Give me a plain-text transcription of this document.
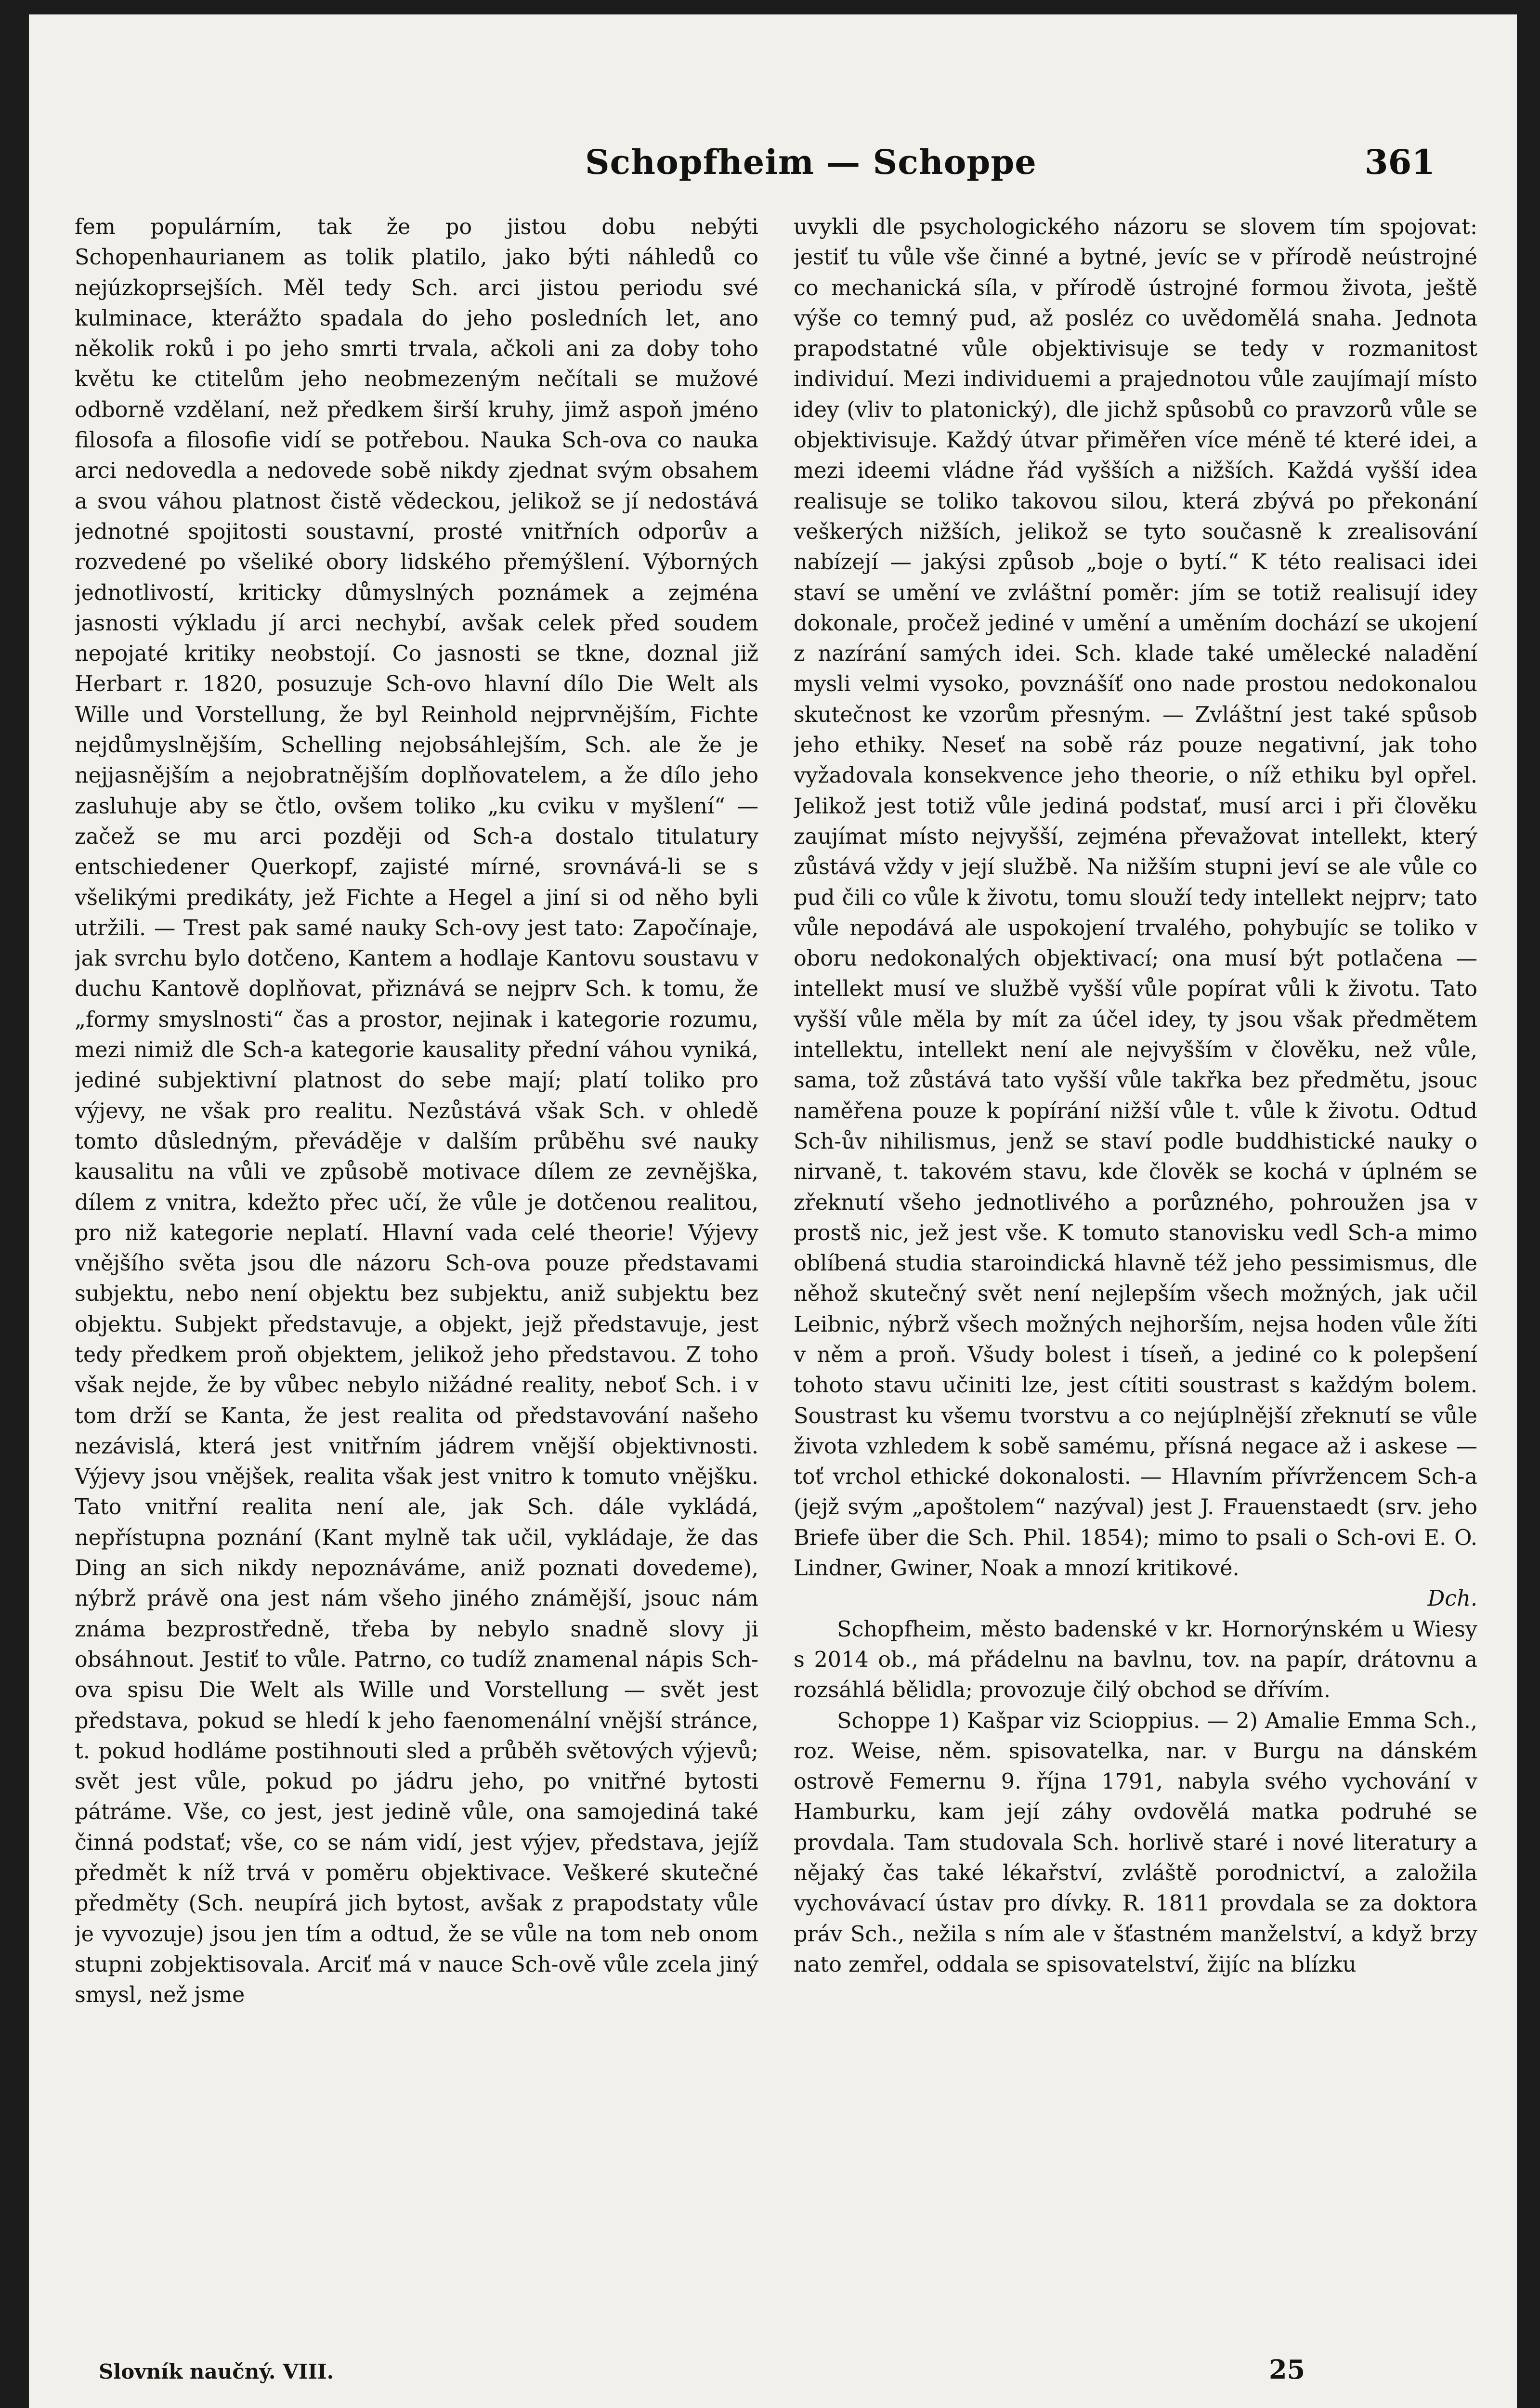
Schopfheim — Schoppe	361

fem populárním, tak že po jistou dobu nebýti Schopenhaurianem as tolik platilo, jako býti náhledů co nejúzkoprsejších. Měl tedy Sch. arci jistou periodu své kulminace, kterážto spadala do jeho posledních let, ano několik roků i po jeho smrti trvala, ačkoli ani za doby toho květu ke ctitelům jeho neobmezeným nečítali se mužové odborně vzdělaní, než předkem širší kruhy, jimž aspoň jméno filosofa a filosofie vidí se potřebou. Nauka Sch-ova co nauka arci nedovedla a nedovede sobě nikdy zjednat svým obsahem a svou váhou platnost čistě vědeckou, jelikož se jí nedostává jednotné spojitosti soustavní, prosté vnitřních odporův a rozvedené po všeliké obory lidského přemýšlení. Výborných jednotlivostí, kriticky důmyslných poznámek a zejména jasnosti výkladu jí arci nechybí, avšak celek před soudem nepojaté kritiky neobstojí. Co jasnosti se tkne, doznal již Herbart r. 1820, posuzuje Sch-ovo hlavní dílo Die Welt als Wille und Vorstellung, že byl Reinhold nejprvnějším, Fichte nejdůmyslnějším, Schelling nejobsáhlejším, Sch. ale že je nejjasnějším a nejobratnějším doplňovatelem, a že dílo jeho zasluhuje aby se čtlo, ovšem toliko „ku cviku v myšlení“ — začež se mu arci později od Sch-a dostalo titulatury entschiedener Querkopf, zajisté mírné, srovnává-li se s všelikými predikáty, jež Fichte a Hegel a jiní si od něho byli utržili. — Trest pak samé nauky Sch-ovy jest tato: Započínaje, jak svrchu bylo dotčeno, Kantem a hodlaje Kantovu soustavu v duchu Kantově doplňovat, přiznává se nejprv Sch. k tomu, že „formy smyslnosti“ čas a prostor, nejinak i kategorie rozumu, mezi nimiž dle Sch-a kategorie kausality přední váhou vyniká, jediné subjektivní platnost do sebe mají; platí toliko pro výjevy, ne však pro realitu. Nezůstává však Sch. v ohledě tomto důsledným, převáděje v dalším průběhu své nauky kausalitu na vůli ve způsobě motivace dílem ze zevnějška, dílem z vnitra, kdežto přec učí, že vůle je dotčenou realitou, pro niž kategorie neplatí. Hlavní vada celé theorie! Výjevy vnějšího světa jsou dle názoru Sch-ova pouze představami subjektu, nebo není objektu bez subjektu, aniž subjektu bez objektu. Subjekt představuje, a objekt, jejž představuje, jest tedy předkem proň objektem, jelikož jeho představou. Z toho však nejde, že by vůbec nebylo nižádné reality, neboť Sch. i v tom drží se Kanta, že jest realita od představování našeho nezávislá, která jest vnitřním jádrem vnější objektivnosti. Výjevy jsou vnějšek, realita však jest vnitro k tomuto vnějšku. Tato vnitřní realita není ale, jak Sch. dále vykládá, nepřístupna poznání (Kant mylně tak učil, vykládaje, že das Ding an sich nikdy nepoznáváme, aniž poznati dovedeme), nýbrž právě ona jest nám všeho jiného známější, jsouc nám známa bezprostředně, třeba by nebylo snadně slovy ji obsáhnout. Jestiť to vůle. Patrno, co tudíž znamenal nápis Sch-ova spisu Die Welt als Wille und Vorstellung — svět jest představa, pokud se hledí k jeho faenomenální vnější stránce, t. pokud hodláme postihnouti sled a průběh světových výjevů; svět jest vůle, pokud po jádru jeho, po vnitřné bytosti pátráme. Vše, co jest, jest jedině vůle, ona samojediná také činná podstať; vše, co se nám vidí, jest výjev, představa, jejíž předmět k níž trvá v poměru objektivace. Veškeré skutečné předměty (Sch. neupírá jich bytost, avšak z prapodstaty vůle je vyvozuje) jsou jen tím a odtud, že se vůle na tom neb onom stupni zobjektisovala. Arciť má v nauce Sch-ově vůle zcela jiný smysl, než jsme

uvykli dle psychologického názoru se slovem tím spojovat: jestiť tu vůle vše činné a bytné, jevíc se v přírodě neústrojné co mechanická síla, v přírodě ústrojné formou života, ještě výše co temný pud, až posléz co uvědomělá snaha. Jednota prapodstatné vůle objektivisuje se tedy v rozmanitost individuí. Mezi individuemi a prajednotou vůle zaujímají místo idey (vliv to platonický), dle jichž spůsobů co pravzorů vůle se objektivisuje. Každý útvar přiměřen více méně té které idei, a mezi ideemi vládne řád vyšších a nižších. Každá vyšší idea realisuje se toliko takovou silou, která zbývá po překonání veškerých nižších, jelikož se tyto současně k zrealisování nabízejí — jakýsi způsob „boje o bytí.“ K této realisaci idei staví se umění ve zvláštní poměr: jím se totiž realisují idey dokonale, pročež jediné v umění a uměním dochází se ukojení z nazírání samých idei. Sch. klade také umělecké naladění mysli velmi vysoko, povznášíť ono nade prostou nedokonalou skutečnost ke vzorům přesným. — Zvláštní jest také spůsob jeho ethiky. Neseť na sobě ráz pouze negativní, jak toho vyžadovala konsekvence jeho theorie, o níž ethiku byl opřel. Jelikož jest totiž vůle jediná podstať, musí arci i při člověku zaujímat místo nejvyšší, zejména převažovat intellekt, který zůstává vždy v její službě. Na nižším stupni jeví se ale vůle co pud čili co vůle k životu, tomu slouží tedy intellekt nejprv; tato vůle nepodává ale uspokojení trvalého, pohybujíc se toliko v oboru nedokonalých objektivací; ona musí být potlačena — intellekt musí ve službě vyšší vůle popírat vůli k životu. Tato vyšší vůle měla by mít za účel idey, ty jsou však předmětem intellektu, intellekt není ale nejvyšším v člověku, než vůle, sama, tož zůstává tato vyšší vůle takřka bez předmětu, jsouc naměřena pouze k popírání nižší vůle t. vůle k životu. Odtud Sch-ův nihilismus, jenž se staví podle buddhistické nauky o nirvaně, t. takovém stavu, kde člověk se kochá v úplném se zřeknutí všeho jednotlivého a porůzného, pohroužen jsa v prostš nic, jež jest vše. K tomuto stanovisku vedl Sch-a mimo oblíbená studia staroindická hlavně též jeho pessimismus, dle něhož skutečný svět není nejlepším všech možných, jak učil Leibnic, nýbrž všech možných nejhorším, nejsa hoden vůle žíti v něm a proň. Všudy bolest i tíseň, a jediné co k polepšení tohoto stavu učiniti lze, jest cítiti soustrast s každým bolem. Soustrast ku všemu tvorstvu a co nejúplnější zřeknutí se vůle života vzhledem k sobě samému, přísná negace až i askese — toť vrchol ethické dokonalosti. — Hlavním přívržencem Sch-a (jejž svým „apoštolem“ nazýval) jest J. Frauenstaedt (srv. jeho Briefe über die Sch. Phil. 1854); mimo to psali o Sch-ovi E. O. Lindner, Gwiner, Noak a mnozí kritikové.

Dch.

Schopfheim, město badenské v kr. Hornorýnském u Wiesy s 2014 ob., má přádelnu na bavlnu, tov. na papír, drátovnu a rozsáhlá bělidla; provozuje čilý obchod se dřívím.

Schoppe 1) Kašpar viz Scioppius. — 2) Amalie Emma Sch., roz. Weise, něm. spisovatelka, nar. v Burgu na dánském ostrově Femernu 9. října 1791, nabyla svého vychování v Hamburku, kam její záhy ovdovělá matka podruhé se provdala. Tam studovala Sch. horlivě staré i nové literatury a nějaký čas také lékařství, zvláště porodnictví, a založila vychovávací ústav pro dívky. R. 1811 provdala se za doktora práv Sch., nežila s ním ale v šťastném manželství, a když brzy nato zemřel, oddala se spisovatelství, žijíc na blízku

Slovník naučný. VIII.	25
